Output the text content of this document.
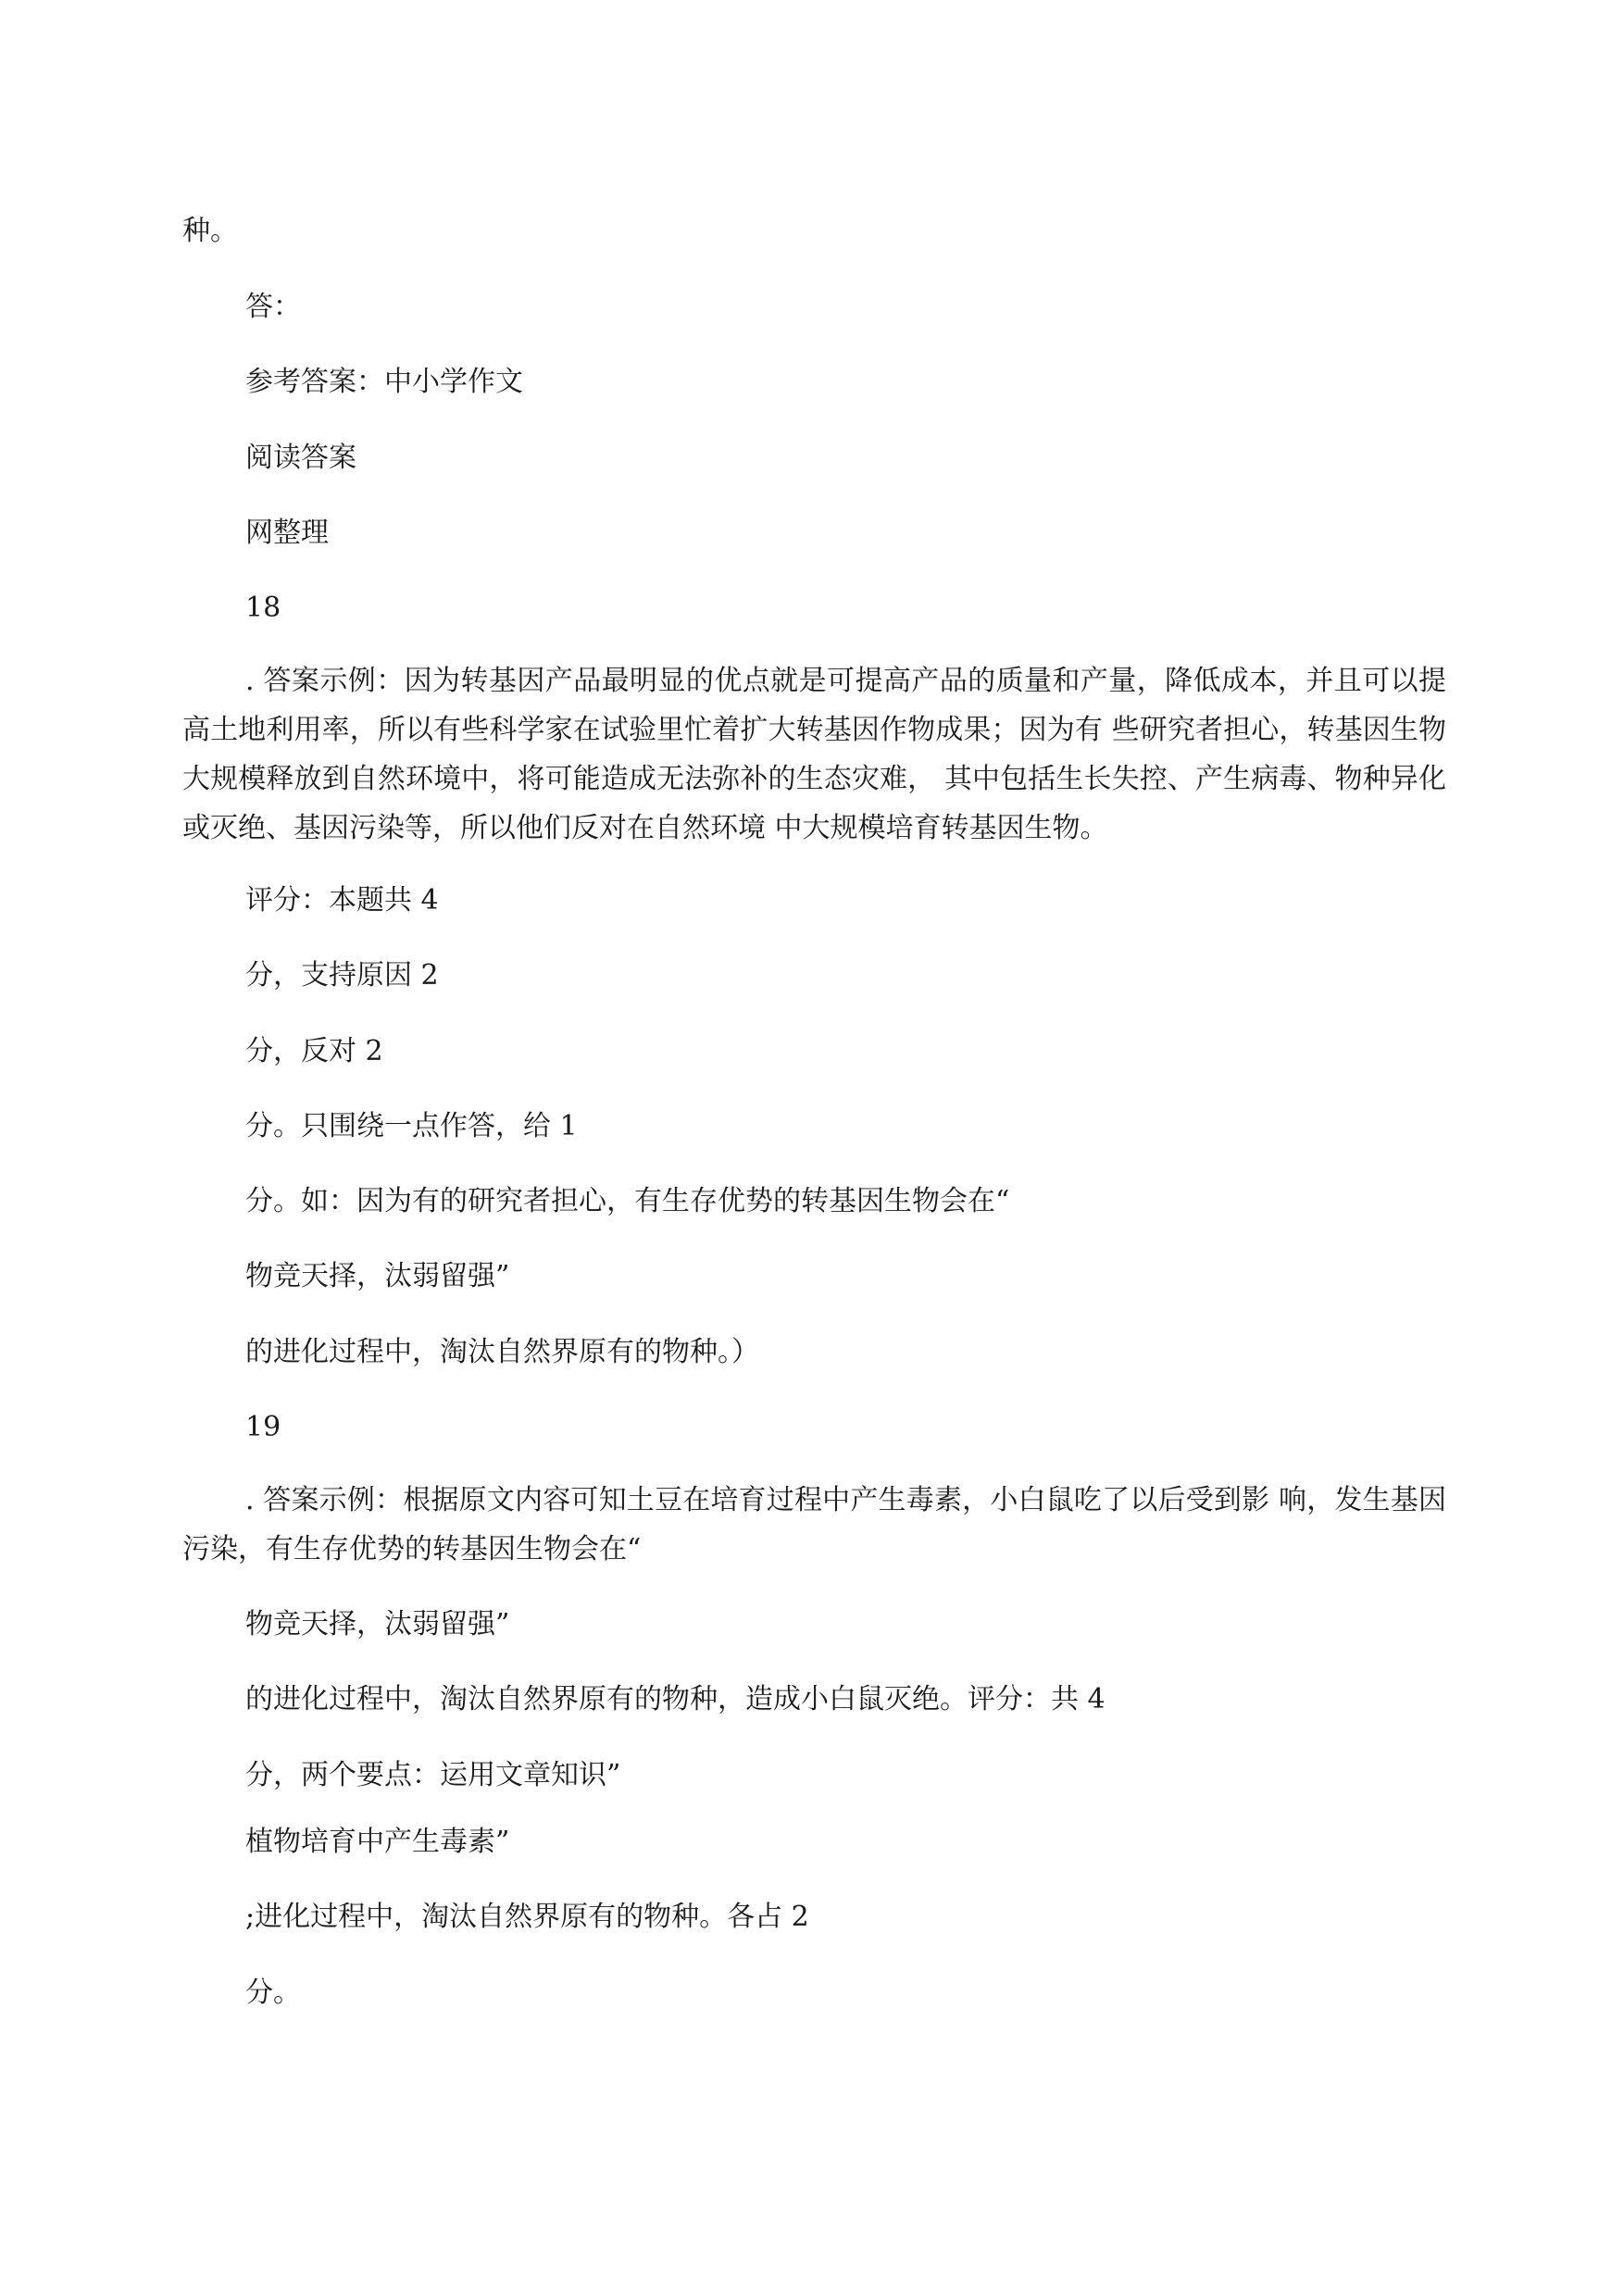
种。
答：
参考答案：中小学作文
阅读答案
网整理
18
. 答案示例：因为转基因产品最明显的优点就是可提高产品的质量和产量，降低成本，并且可以提高土地利用率，所以有些科学家在试验里忙着扩大转基因作物成果；因为有 些研究者担心，转基因生物大规模释放到自然环境中，将可能造成无法弥补的生态灾难， 其中包括生长失控、产生病毒、物种异化或灭绝、基因污染等，所以他们反对在自然环境 中大规模培育转基因生物。
评分：本题共 4
分，支持原因 2
分，反对 2
分。只围绕一点作答，给 1
分。如：因为有的研究者担心，有生存优势的转基因生物会在“
物竞天择，汰弱留强”
的进化过程中，淘汰自然界原有的物种。）
19
. 答案示例：根据原文内容可知土豆在培育过程中产生毒素，小白鼠吃了以后受到影 响，发生基因污染，有生存优势的转基因生物会在“
物竞天择，汰弱留强”
的进化过程中，淘汰自然界原有的物种，造成小白鼠灭绝。评分：共 4
分，两个要点：运用文章知识”
植物培育中产生毒素”
;进化过程中，淘汰自然界原有的物种。各占 2
分。
